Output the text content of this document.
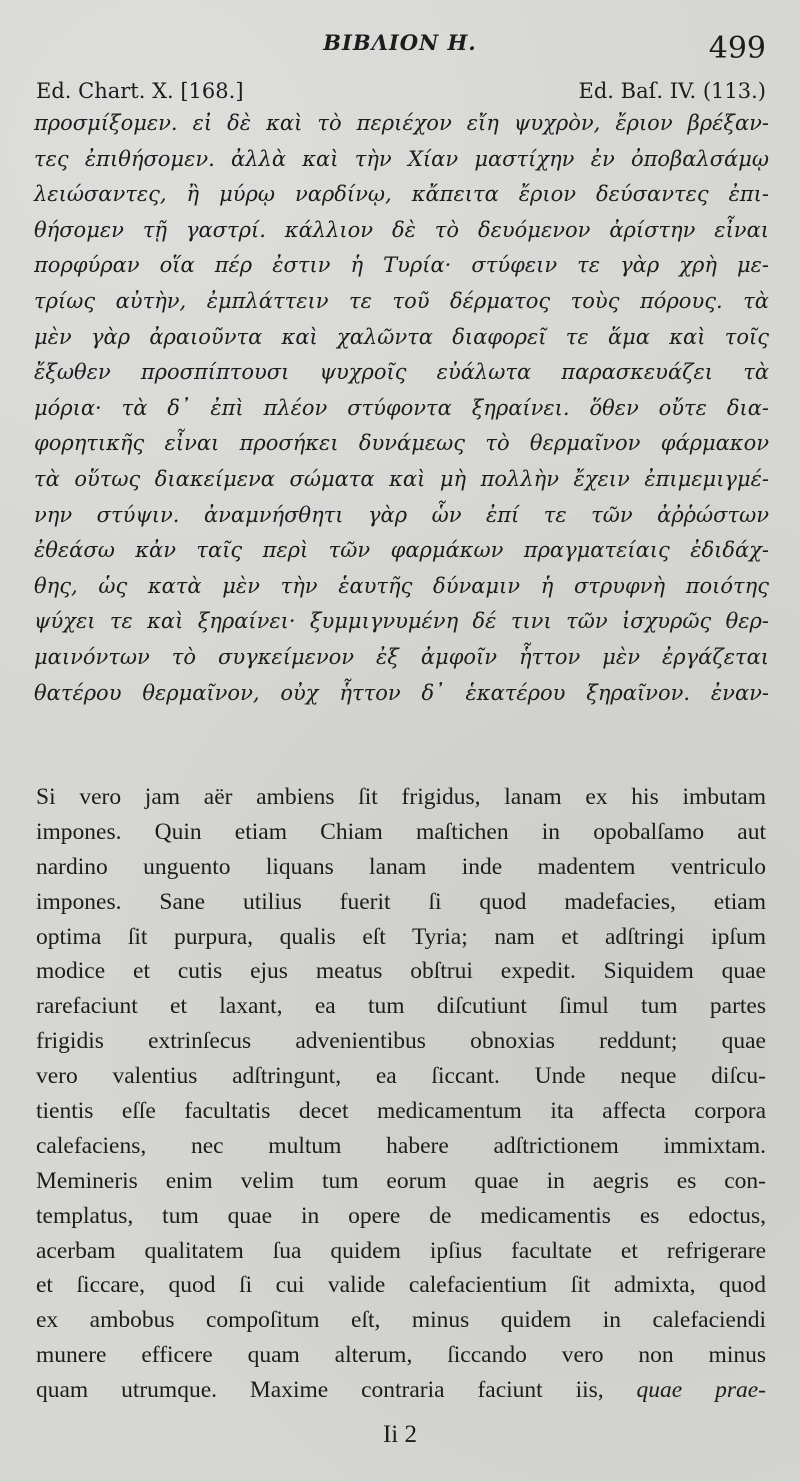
BIBΛION H.	499
Ed. Chart. X. [168.]	Ed. Baſ. IV. (113.)
προσμίξομεν. εἰ δὲ καὶ τὸ περιέχον εἴη ψυχρὸν, ἔριον βρέξαν-
τες ἐπιθήσομεν. ἀλλὰ καὶ τὴν Χίαν μαστίχην ἐν ὀποβαλσάμῳ
λειώσαντες, ἢ μύρῳ ναρδίνῳ, κἄπειτα ἔριον δεύσαντες ἐπι-
θήσομεν τῇ γαστρί. κάλλιον δὲ τὸ δευόμενον ἀρίστην εἶναι
πορφύραν οἵα πέρ ἐστιν ἡ Τυρία· στύφειν τε γὰρ χρὴ με-
τρίως αὐτὴν, ἐμπλάττειν τε τοῦ δέρματος τοὺς πόρους. τὰ
μὲν γὰρ ἀραιοῦντα καὶ χαλῶντα διαφορεῖ τε ἅμα καὶ τοῖς
ἔξωθεν προσπίπτουσι ψυχροῖς εὐάλωτα παρασκευάζει τὰ
μόρια· τὰ δ᾽ ἐπὶ πλέον στύφοντα ξηραίνει. ὅθεν οὔτε δια-
φορητικῆς εἶναι προσήκει δυνάμεως τὸ θερμαῖνον φάρμακον
τὰ οὕτως διακείμενα σώματα καὶ μὴ πολλὴν ἔχειν ἐπιμεμιγμέ-
νην στύψιν. ἀναμνήσθητι γὰρ ὧν ἐπί τε τῶν ἀῤῥώστων
ἐθεάσω κἀν ταῖς περὶ τῶν φαρμάκων πραγματείαις ἐδιδάχ-
θης, ὡς κατὰ μὲν τὴν ἑαυτῆς δύναμιν ἡ στρυφνὴ ποιότης
ψύχει τε καὶ ξηραίνει· ξυμμιγνυμένη δέ τινι τῶν ἰσχυρῶς θερ-
μαινόντων τὸ συγκείμενον ἐξ ἀμφοῖν ἧττον μὲν ἐργάζεται
θατέρου θερμαῖνον, οὐχ ἧττον δ᾽ ἑκατέρου ξηραῖνον. ἐναν-
Si vero jam aër ambiens ſit frigidus, lanam ex his imbutam
impones. Quin etiam Chiam maſtichen in opobalſamo aut
nardino unguento liquans lanam inde madentem ventriculo
impones. Sane utilius fuerit ſi quod madefacies, etiam
optima ſit purpura, qualis eſt Tyria; nam et adſtringi ipſum
modice et cutis ejus meatus obſtrui expedit. Siquidem quae
rarefaciunt et laxant, ea tum diſcutiunt ſimul tum partes
frigidis extrinſecus advenientibus obnoxias reddunt; quae
vero valentius adſtringunt, ea ſiccant. Unde neque diſcu-
tientis eſſe facultatis decet medicamentum ita affecta corpora
calefaciens, nec multum habere adſtrictionem immixtam.
Memineris enim velim tum eorum quae in aegris es con-
templatus, tum quae in opere de medicamentis es edoctus,
acerbam qualitatem ſua quidem ipſius facultate et refrigerare
et ſiccare, quod ſi cui valide calefacientium ſit admixta, quod
ex ambobus compoſitum eſt, minus quidem in calefaciendi
munere efficere quam alterum, ſiccando vero non minus
quam utrumque. Maxime contraria faciunt iis, quae prae-
Ii 2
